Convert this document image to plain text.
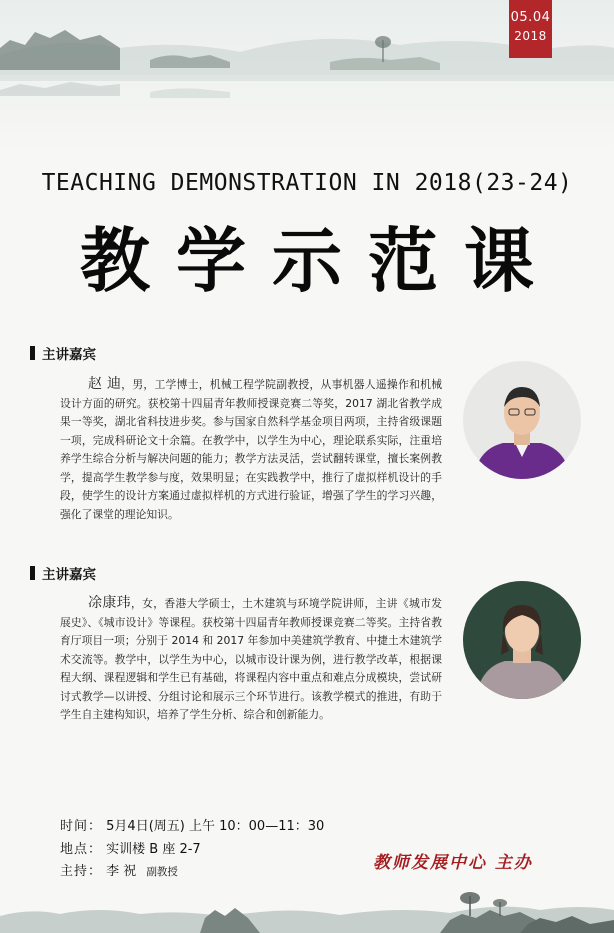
05.04
2018
TEACHING DEMONSTRATION IN 2018(23-24)
教学示范课
主讲嘉宾
赵 迪，男，工学博士，机械工程学院副教授，从事机器人遥操作和机械设计方面的研究。获校第十四届青年教师授课竞赛二等奖，2017 湖北省教学成果一等奖，湖北省科技进步奖。参与国家自然科学基金项目两项，主持省级课题一项，完成科研论文十余篇。在教学中，以学生为中心，理论联系实际，注重培养学生综合分析与解决问题的能力；教学方法灵活，尝试翻转课堂，擅长案例教学，提高学生教学参与度，效果明显；在实践教学中，推行了虚拟样机设计的手段，使学生的设计方案通过虚拟样机的方式进行验证，增强了学生的学习兴趣，强化了课堂的理论知识。
主讲嘉宾
凃康玮，女，香港大学硕士，土木建筑与环境学院讲师，主讲《城市发展史》、《城市设计》等课程。获校第十四届青年教师授课竞赛二等奖。主持省教育厅项目一项；分别于 2014 和 2017 年参加中美建筑学教育、中捷土木建筑学术交流等。教学中，以学生为中心，以城市设计课为例，进行教学改革，根据课程大纲、课程逻辑和学生已有基础，将课程内容中重点和难点分成模块，尝试研讨式教学—以讲授、分组讨论和展示三个环节进行。该教学模式的推进，有助于学生自主建构知识，培养了学生分析、综合和创新能力。
时间： 5月4日(周五) 上午 10：00—11：30
地点： 实训楼 B 座 2-7
主持： 李 祝 副教授	教师发展中心 主办
